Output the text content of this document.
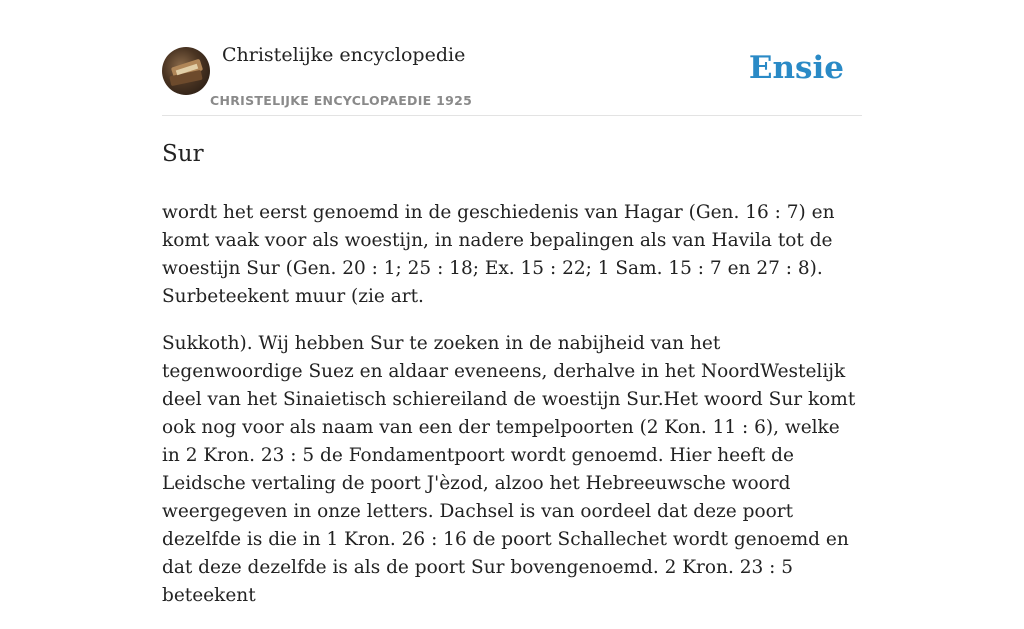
Christelijke encyclopedie
CHRISTELIJKE ENCYCLOPAEDIE 1925
Ensie
Sur

wordt het eerst genoemd in de geschiedenis van Hagar (Gen. 16 : 7) en komt vaak voor als woestijn, in nadere bepalingen als van Havila tot de woestijn Sur (Gen. 20 : 1; 25 : 18; Ex. 15 : 22; 1 Sam. 15 : 7 en 27 : 8). Surbeteekent muur (zie art.

Sukkoth). Wij hebben Sur te zoeken in de nabijheid van het tegenwoordige Suez en aldaar eveneens, derhalve in het NoordWestelijk deel van het Sinaietisch schiereiland de woestijn Sur.Het woord Sur komt ook nog voor als naam van een der tempelpoorten (2 Kon. 11 : 6), welke in 2 Kron. 23 : 5 de Fondamentpoort wordt genoemd. Hier heeft de Leidsche vertaling de poort J'èzod, alzoo het Hebreeuwsche woord weergegeven in onze letters. Dachsel is van oordeel dat deze poort dezelfde is die in 1 Kron. 26 : 16 de poort Schallechet wordt genoemd en dat deze dezelfde is als de poort Sur bovengenoemd. 2 Kron. 23 : 5 beteekent
